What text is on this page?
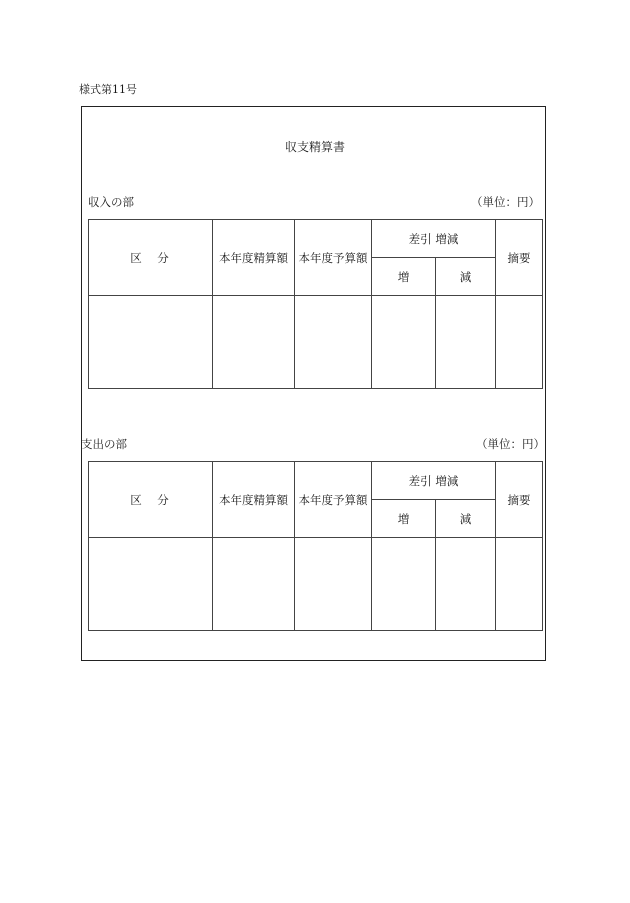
様式第11号
収支精算書
収入の部	（単位：円）
区　分	本年度精算額	本年度予算額	差引 増減		摘要
			増	減	

支出の部	（単位：円）
区　分	本年度精算額	本年度予算額	差引 増減		摘要
			増	減	
